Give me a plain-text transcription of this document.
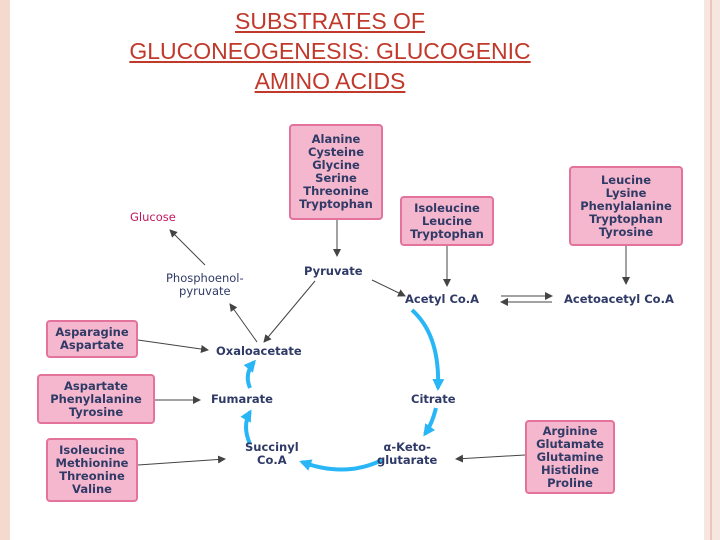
SUBSTRATES OF
GLUCONEOGENESIS: GLUCOGENIC
AMINO ACIDS
Alanine
Cysteine
Glycine
Serine
Threonine
Tryptophan	Isoleucine
Leucine
Tryptophan
Leucine
Lysine
Phenylalanine
Tryptophan
Tyrosine
Asparagine
Aspartate
Aspartate
Phenylalanine
Tyrosine
Isoleucine
Methionine
Threonine
Valine
Arginine
Glutamate
Glutamine
Histidine
Proline
Glucose
Phosphoenol-
pyruvate
Pyruvate
Acetyl Co.A	Acetoacetyl Co.A
Oxaloacetate
Fumarate	Citrate
Succinyl
Co.A
α-Keto-
glutarate
